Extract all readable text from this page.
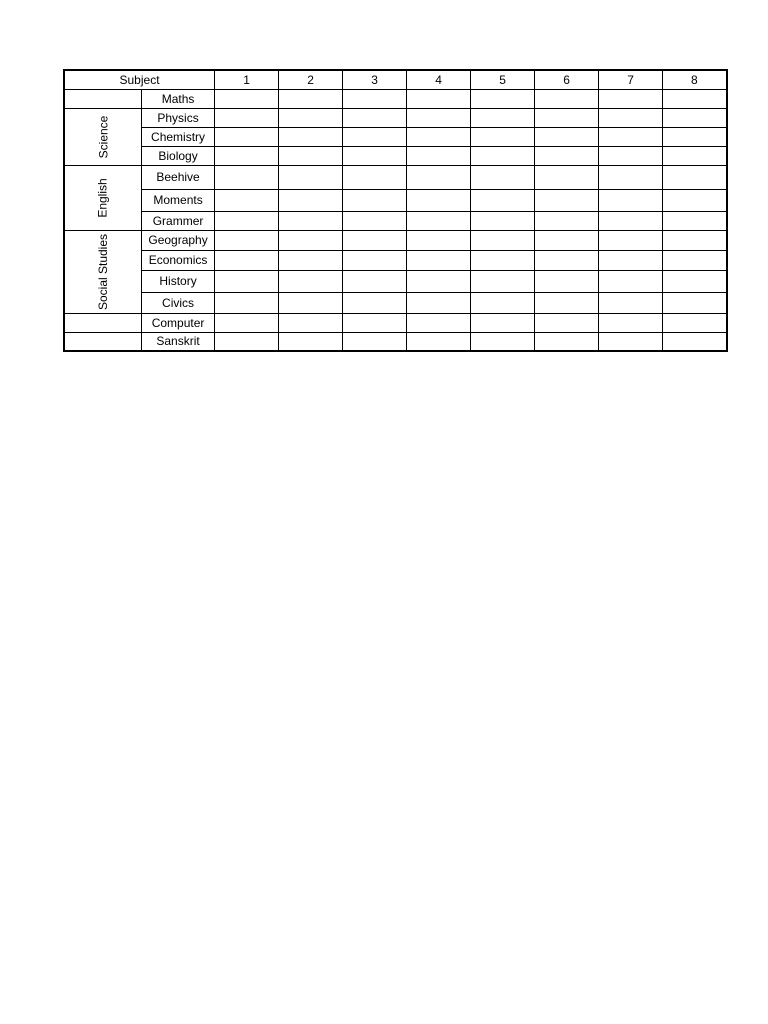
Subject		1	2	3	4	5	6	7	8
	Maths								
Science	Physics								
	Chemistry								
	Biology								
English	Beehive								
	Moments								
	Grammer								
Social Studies	Geography								
	Economics								
	History								
	Civics								
	Computer								
	Sanskrit								
